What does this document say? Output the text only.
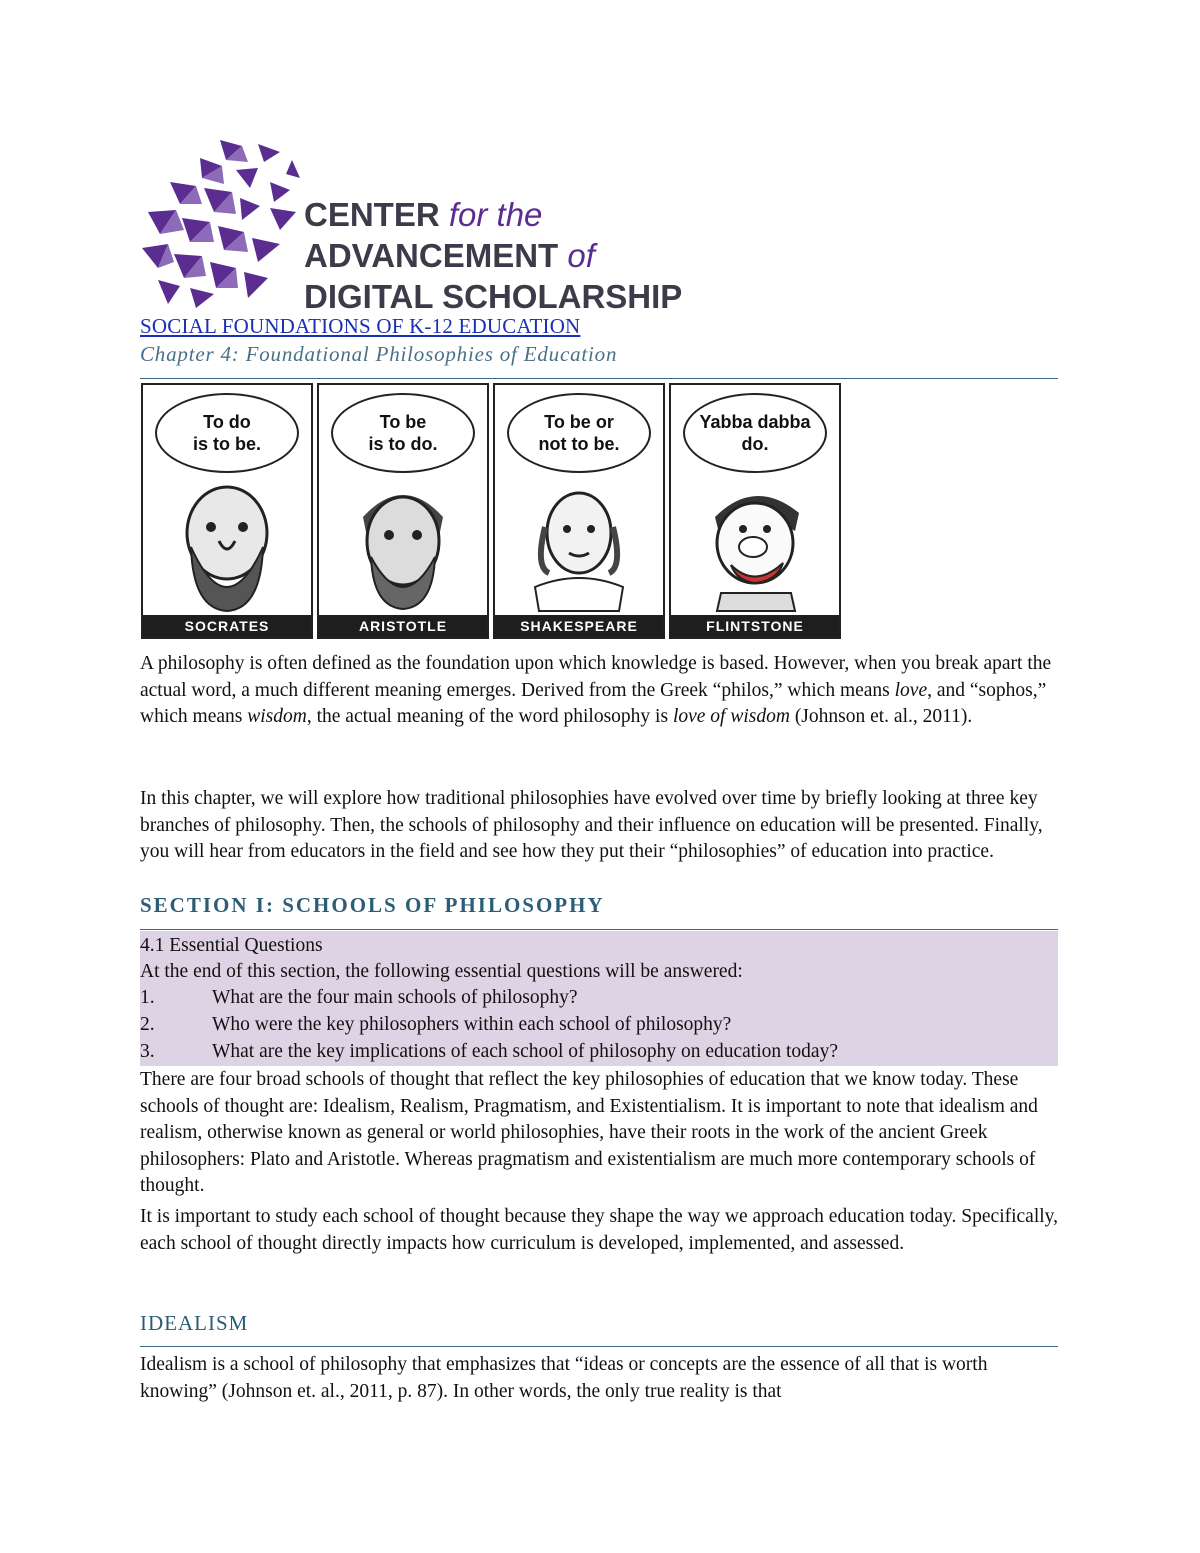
CENTER for the
ADVANCEMENT of
DIGITAL SCHOLARSHIP
SOCIAL FOUNDATIONS OF K-12 EDUCATION
Chapter 4: Foundational Philosophies of Education
To do
is to be.
SOCRATES
To be
is to do.
ARISTOTLE
To be or
not to be.
SHAKESPEARE
Yabba dabba do.

FLINTSTONE

A philosophy is often defined as the foundation upon which knowledge is based. However, when you break apart the actual word, a much different meaning emerges. Derived from the Greek “philos,” which means love, and “sophos,” which means wisdom, the actual meaning of the word philosophy is love of wisdom (Johnson et. al., 2011).

In this chapter, we will explore how traditional philosophies have evolved over time by briefly looking at three key branches of philosophy. Then, the schools of philosophy and their influence on education will be presented. Finally, you will hear from educators in the field and see how they put their “philosophies” of education into practice.

SECTION I: SCHOOLS OF PHILOSOPHY
4.1 Essential Questions
At the end of this section, the following essential questions will be answered:
1.	What are the four main schools of philosophy?
2.	Who were the key philosophers within each school of philosophy?
3.	What are the key implications of each school of philosophy on education today?

There are four broad schools of thought that reflect the key philosophies of education that we know today. These schools of thought are: Idealism, Realism, Pragmatism, and Existentialism. It is important to note that idealism and realism, otherwise known as general or world philosophies, have their roots in the work of the ancient Greek philosophers: Plato and Aristotle. Whereas pragmatism and existentialism are much more contemporary schools of thought.

It is important to study each school of thought because they shape the way we approach education today. Specifically, each school of thought directly impacts how curriculum is developed, implemented, and assessed.

IDEALISM

Idealism is a school of philosophy that emphasizes that “ideas or concepts are the essence of all that is worth knowing” (Johnson et. al., 2011, p. 87). In other words, the only true reality is that
